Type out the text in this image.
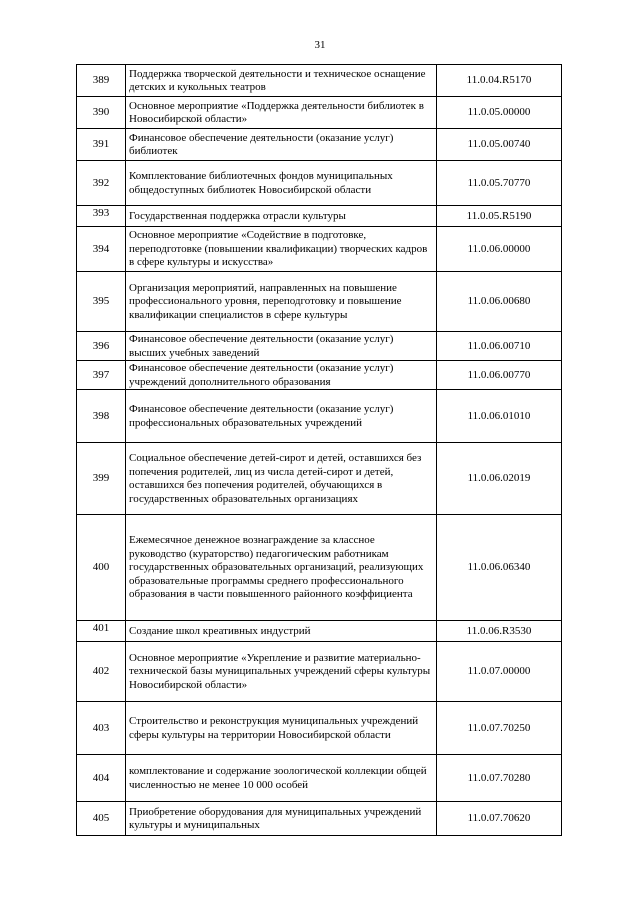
31
389	Поддержка творческой деятельности и техническое оснащение детских и кукольных театров	11.0.04.R5170
390	Основное мероприятие «Поддержка деятельности библиотек в Новосибирской области»	11.0.05.00000
391	Финансовое обеспечение деятельности (оказание услуг) библиотек	11.0.05.00740
392	Комплектование библиотечных фондов муниципальных общедоступных библиотек Новосибирской области	11.0.05.70770
393	Государственная поддержка отрасли культуры	11.0.05.R5190
394	Основное мероприятие «Содействие в подготовке, переподготовке (повышении квалификации) творческих кадров в сфере культуры и искусства»	11.0.06.00000
395	Организация мероприятий, направленных на повышение профессионального уровня, переподготовку и повышение квалификации специалистов в сфере культуры	11.0.06.00680
396	Финансовое обеспечение деятельности (оказание услуг) высших учебных заведений	11.0.06.00710
397	Финансовое обеспечение деятельности (оказание услуг) учреждений дополнительного образования	11.0.06.00770
398	Финансовое обеспечение деятельности (оказание услуг) профессиональных образовательных учреждений	11.0.06.01010
399	Социальное обеспечение детей-сирот и детей, оставшихся без попечения родителей, лиц из числа детей-сирот и детей, оставшихся без попечения родителей, обучающихся в государственных образовательных организациях	11.0.06.02019
400	Ежемесячное денежное вознаграждение за классное руководство (кураторство) педагогическим работникам государственных образовательных организаций, реализующих образовательные программы среднего профессионального образования в части повышенного районного коэффициента	11.0.06.06340
401	Создание школ креативных индустрий	11.0.06.R3530
402	Основное мероприятие «Укрепление и развитие материально-технической базы муниципальных учреждений сферы культуры Новосибирской области»	11.0.07.00000
403	Строительство и реконструкция муниципальных учреждений сферы культуры на территории Новосибирской области	11.0.07.70250
404	комплектование и содержание зоологической коллекции общей численностью не менее 10 000 особей	11.0.07.70280
405	Приобретение оборудования для муниципальных учреждений культуры и муниципальных	11.0.07.70620
